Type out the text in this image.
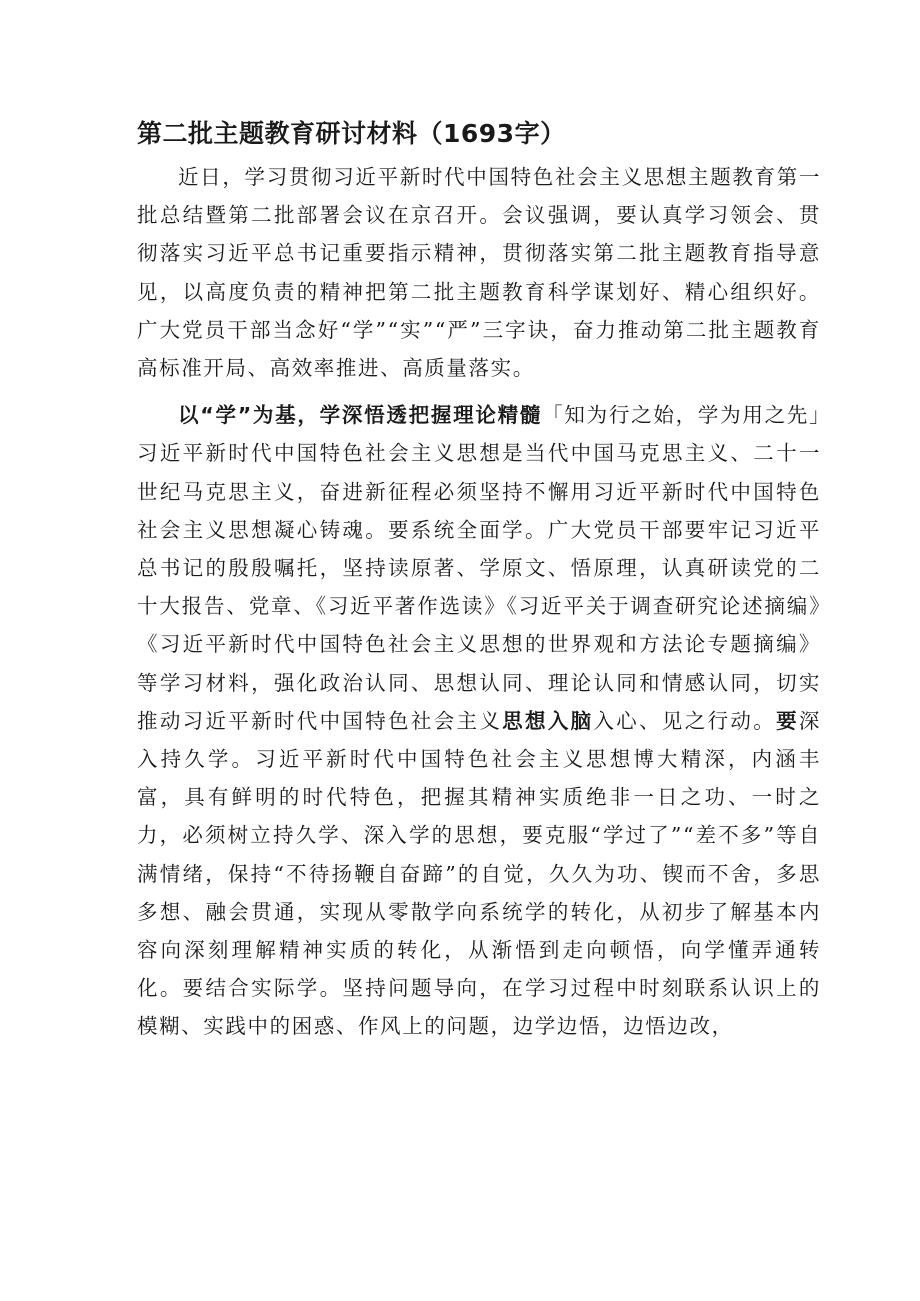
第二批主题教育研讨材料（1693字）

近日，学习贯彻习近平新时代中国特色社会主义思想主题教育第一批总结暨第二批部署会议在京召开。会议强调，要认真学习领会、贯彻落实习近平总书记重要指示精神，贯彻落实第二批主题教育指导意见，以高度负责的精神把第二批主题教育科学谋划好、精心组织好。广大党员干部当念好“学”“实”“严”三字诀，奋力推动第二批主题教育高标准开局、高效率推进、高质量落实。

以“学”为基，学深悟透把握理论精髓「知为行之始，学为用之先」习近平新时代中国特色社会主义思想是当代中国马克思主义、二十一世纪马克思主义，奋进新征程必须坚持不懈用习近平新时代中国特色社会主义思想凝心铸魂。要系统全面学。广大党员干部要牢记习近平总书记的殷殷嘱托，坚持读原著、学原文、悟原理，认真研读党的二十大报告、党章、《习近平著作选读》《习近平关于调查研究论述摘编》《习近平新时代中国特色社会主义思想的世界观和方法论专题摘编》等学习材料，强化政治认同、思想认同、理论认同和情感认同，切实推动习近平新时代中国特色社会主义思想入脑入心、见之行动。要深入持久学。习近平新时代中国特色社会主义思想博大精深，内涵丰富，具有鲜明的时代特色，把握其精神实质绝非一日之功、一时之力，必须树立持久学、深入学的思想，要克服“学过了”“差不多”等自满情绪，保持“不待扬鞭自奋蹄”的自觉，久久为功、锲而不舍，多思多想、融会贯通，实现从零散学向系统学的转化，从初步了解基本内容向深刻理解精神实质的转化，从渐悟到走向顿悟，向学懂弄通转化。要结合实际学。坚持问题导向，在学习过程中时刻联系认识上的模糊、实践中的困惑、作风上的问题，边学边悟，边悟边改，
